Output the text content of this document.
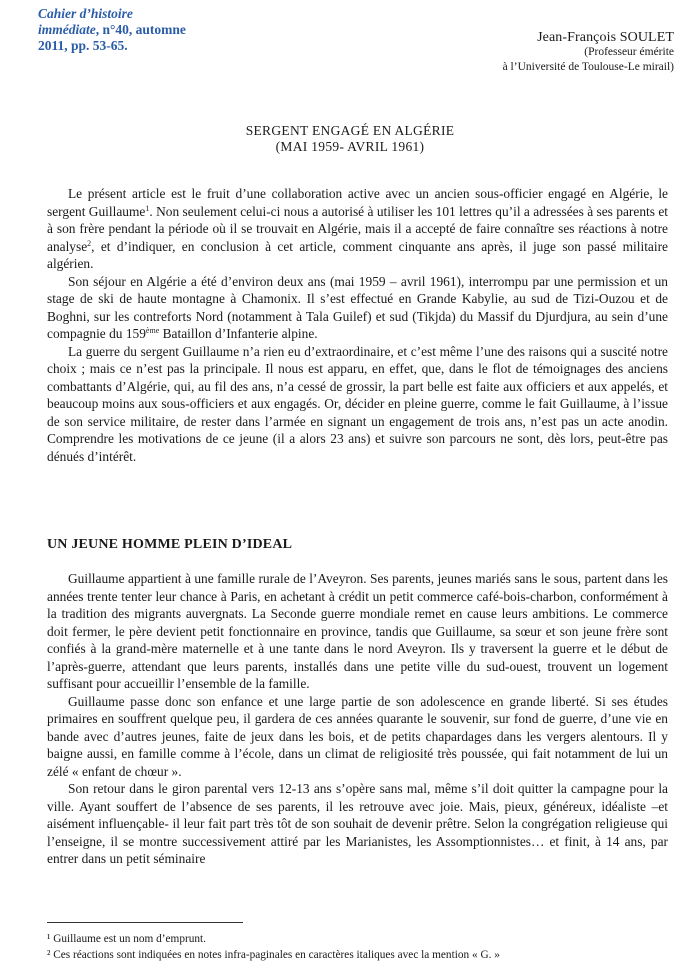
Cahier d’histoire immédiate, n°40, automne 2011, pp. 53-65.
Jean-François SOULET
(Professeur émérite
à l’Université de Toulouse-Le mirail)
SERGENT ENGAGÉ EN ALGÉRIE
(MAI 1959- AVRIL 1961)

Le présent article est le fruit d’une collaboration active avec un ancien sous-officier engagé en Algérie, le sergent Guillaume$^1$. Non seulement celui-ci nous a autorisé à utiliser les 101 lettres qu’il a adressées à ses parents et à son frère pendant la période où il se trouvait en Algérie, mais il a accepté de faire connaître ses réactions à notre analyse$^2$, et d’indiquer, en conclusion à cet article, comment cinquante ans après, il juge son passé militaire algérien.

Son séjour en Algérie a été d’environ deux ans (mai 1959 – avril 1961), interrompu par une permission et un stage de ski de haute montagne à Chamonix. Il s’est effectué en Grande Kabylie, au sud de Tizi-Ouzou et de Boghni, sur les contreforts Nord (notamment à Tala Guilef) et sud (Tikjda) du Massif du Djurdjura, au sein d’une compagnie du 159ème Bataillon d’Infanterie alpine.

La guerre du sergent Guillaume n’a rien eu d’extraordinaire, et c’est même l’une des raisons qui a suscité notre choix ; mais ce n’est pas la principale. Il nous est apparu, en effet, que, dans le flot de témoignages des anciens combattants d’Algérie, qui, au fil des ans, n’a cessé de grossir, la part belle est faite aux officiers et aux appelés, et beaucoup moins aux sous-officiers et aux engagés. Or, décider en pleine guerre, comme le fait Guillaume, à l’issue de son service militaire, de rester dans l’armée en signant un engagement de trois ans, n’est pas un acte anodin. Comprendre les motivations de ce jeune (il a alors 23 ans) et suivre son parcours ne sont, dès lors, peut-être pas dénués d’intérêt.

UN JEUNE HOMME PLEIN D’IDEAL

Guillaume appartient à une famille rurale de l’Aveyron. Ses parents, jeunes mariés sans le sous, partent dans les années trente tenter leur chance à Paris, en achetant à crédit un petit commerce café-bois-charbon, conformément à la tradition des migrants auvergnats. La Seconde guerre mondiale remet en cause leurs ambitions. Le commerce doit fermer, le père devient petit fonctionnaire en province, tandis que Guillaume, sa sœur et son jeune frère sont confiés à la grand-mère maternelle et à une tante dans le nord Aveyron. Ils y traversent la guerre et le début de l’après-guerre, attendant que leurs parents, installés dans une petite ville du sud-ouest, trouvent un logement suffisant pour accueillir l’ensemble de la famille.

Guillaume passe donc son enfance et une large partie de son adolescence en grande liberté. Si ses études primaires en souffrent quelque peu, il gardera de ces années quarante le souvenir, sur fond de guerre, d’une vie en bande avec d’autres jeunes, faite de jeux dans les bois, et de petits chapardages dans les vergers alentours. Il y baigne aussi, en famille comme à l’école, dans un climat de religiosité très poussée, qui fait notamment de lui un zélé « enfant de chœur ».

Son retour dans le giron parental vers 12-13 ans s’opère sans mal, même s’il doit quitter la campagne pour la ville. Ayant souffert de l’absence de ses parents, il les retrouve avec joie. Mais, pieux, généreux, idéaliste –et aisément influençable- il leur fait part très tôt de son souhait de devenir prêtre. Selon la congrégation religieuse qui l’enseigne, il se montre successivement attiré par les Marianistes, les Assomptionnistes… et finit, à 14 ans, par entrer dans un petit séminaire

¹ Guillaume est un nom d’emprunt.
² Ces réactions sont indiquées en notes infra-paginales en caractères italiques avec la mention « G. »
